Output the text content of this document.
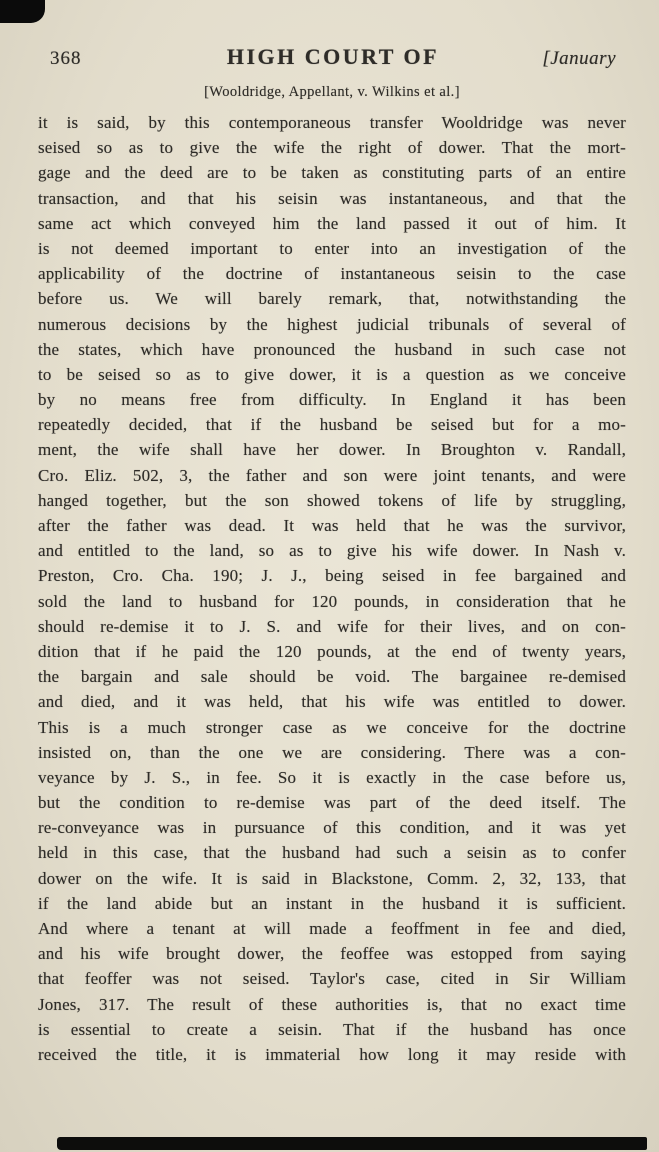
368	HIGH COURT OF	[January
[Wooldridge, Appellant, v. Wilkins et al.]
it is said, by this contemporaneous transfer Wooldridge was never
seised so as to give the wife the right of dower. That the mort-
gage and the deed are to be taken as constituting parts of an entire
transaction, and that his seisin was instantaneous, and that the
same act which conveyed him the land passed it out of him. It
is not deemed important to enter into an investigation of the
applicability of the doctrine of instantaneous seisin to the case
before us. We will barely remark, that, notwithstanding the
numerous decisions by the highest judicial tribunals of several of
the states, which have pronounced the husband in such case not
to be seised so as to give dower, it is a question as we conceive
by no means free from difficulty. In England it has been
repeatedly decided, that if the husband be seised but for a mo-
ment, the wife shall have her dower. In Broughton v. Randall,
Cro. Eliz. 502, 3, the father and son were joint tenants, and were
hanged together, but the son showed tokens of life by struggling,
after the father was dead. It was held that he was the survivor,
and entitled to the land, so as to give his wife dower. In Nash v.
Preston, Cro. Cha. 190; J. J., being seised in fee bargained and
sold the land to husband for 120 pounds, in consideration that he
should re-demise it to J. S. and wife for their lives, and on con-
dition that if he paid the 120 pounds, at the end of twenty years,
the bargain and sale should be void. The bargainee re-demised
and died, and it was held, that his wife was entitled to dower.
This is a much stronger case as we conceive for the doctrine
insisted on, than the one we are considering. There was a con-
veyance by J. S., in fee. So it is exactly in the case before us,
but the condition to re-demise was part of the deed itself. The
re-conveyance was in pursuance of this condition, and it was yet
held in this case, that the husband had such a seisin as to confer
dower on the wife. It is said in Blackstone, Comm. 2, 32, 133, that
if the land abide but an instant in the husband it is sufficient.
And where a tenant at will made a feoffment in fee and died,
and his wife brought dower, the feoffee was estopped from saying
that feoffer was not seised. Taylor's case, cited in Sir William
Jones, 317. The result of these authorities is, that no exact time
is essential to create a seisin. That if the husband has once
received the title, it is immaterial how long it may reside with
